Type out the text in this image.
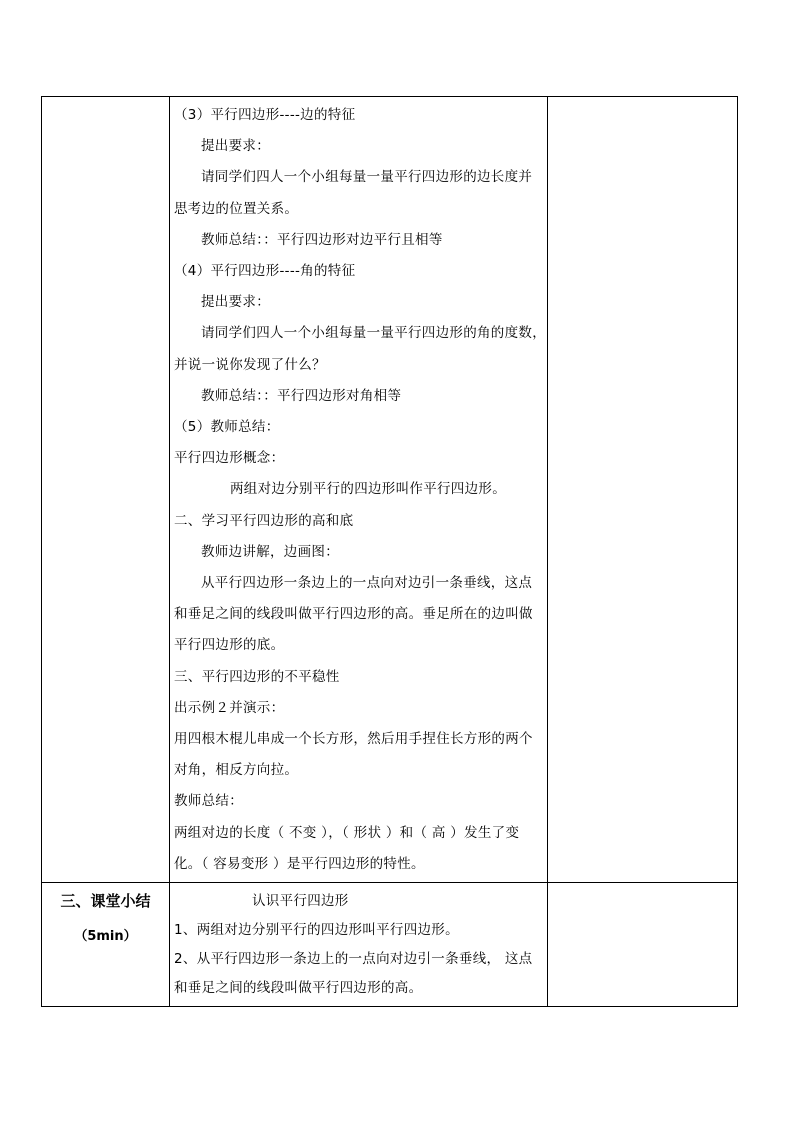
（3）平行四边形----边的特征
提出要求：
请同学们四人一个小组每量一量平行四边形的边长度并
思考边的位置关系。
教师总结：：平行四边形对边平行且相等
（4）平行四边形----角的特征
提出要求：
请同学们四人一个小组每量一量平行四边形的角的度数，
并说一说你发现了什么？
教师总结：：平行四边形对角相等
（5）教师总结：
平行四边形概念：
两组对边分别平行的四边形叫作平行四边形。
二、学习平行四边形的高和底
教师边讲解，边画图：
从平行四边形一条边上的一点向对边引一条垂线，这点
和垂足之间的线段叫做平行四边形的高。垂足所在的边叫做
平行四边形的底。
三、平行四边形的不平稳性
出示例２并演示：
用四根木棍儿串成一个长方形，然后用手捏住长方形的两个
对角，相反方向拉。
教师总结：
两组对边的长度（ 不变 ），（ 形状 ）和（ 高 ）发生了变
化。（ 容易变形 ）是平行四边形的特性。
三、课堂小结
（5min）
认识平行四边形
1、两组对边分别平行的四边形叫平行四边形。
2、从平行四边形一条边上的一点向对边引一条垂线， 这点
和垂足之间的线段叫做平行四边形的高。
